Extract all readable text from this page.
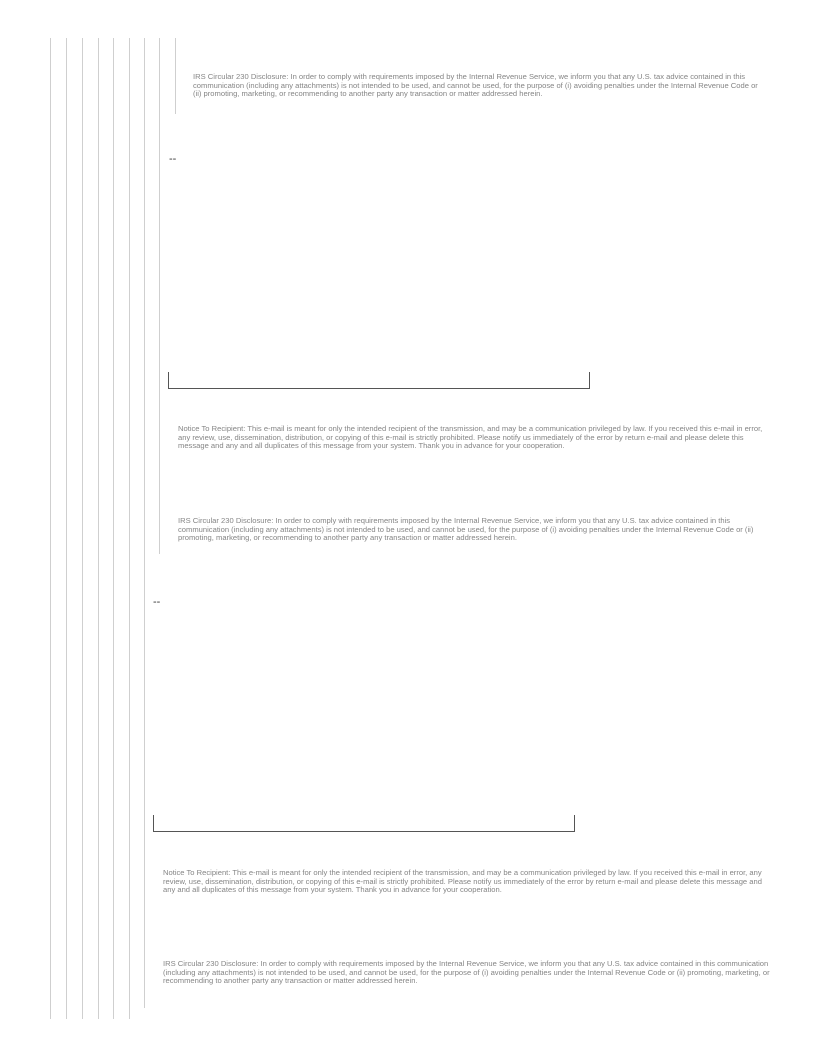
IRS Circular 230 Disclosure: In order to comply with requirements imposed by the Internal Revenue Service, we inform you that any U.S. tax advice contained in this communication (including any attachments) is not intended to be used, and cannot be used, for the purpose of (i) avoiding penalties under the Internal Revenue Code or (ii) promoting, marketing, or recommending to another party any transaction or matter addressed herein.

--

Notice To Recipient: This e-mail is meant for only the intended recipient of the transmission, and may be a communication privileged by law. If you received this e-mail in error, any review, use, dissemination, distribution, or copying of this e-mail is strictly prohibited. Please notify us immediately of the error by return e-mail and please delete this message and any and all duplicates of this message from your system. Thank you in advance for your cooperation.

IRS Circular 230 Disclosure: In order to comply with requirements imposed by the Internal Revenue Service, we inform you that any U.S. tax advice contained in this communication (including any attachments) is not intended to be used, and cannot be used, for the purpose of (i) avoiding penalties under the Internal Revenue Code or (ii) promoting, marketing, or recommending to another party any transaction or matter addressed herein.

--

Notice To Recipient: This e-mail is meant for only the intended recipient of the transmission, and may be a communication privileged by law. If you received this e-mail in error, any review, use, dissemination, distribution, or copying of this e-mail is strictly prohibited. Please notify us immediately of the error by return e-mail and please delete this message and any and all duplicates of this message from your system. Thank you in advance for your cooperation.

IRS Circular 230 Disclosure: In order to comply with requirements imposed by the Internal Revenue Service, we inform you that any U.S. tax advice contained in this communication (including any attachments) is not intended to be used, and cannot be used, for the purpose of (i) avoiding penalties under the Internal Revenue Code or (ii) promoting, marketing, or recommending to another party any transaction or matter addressed herein.
